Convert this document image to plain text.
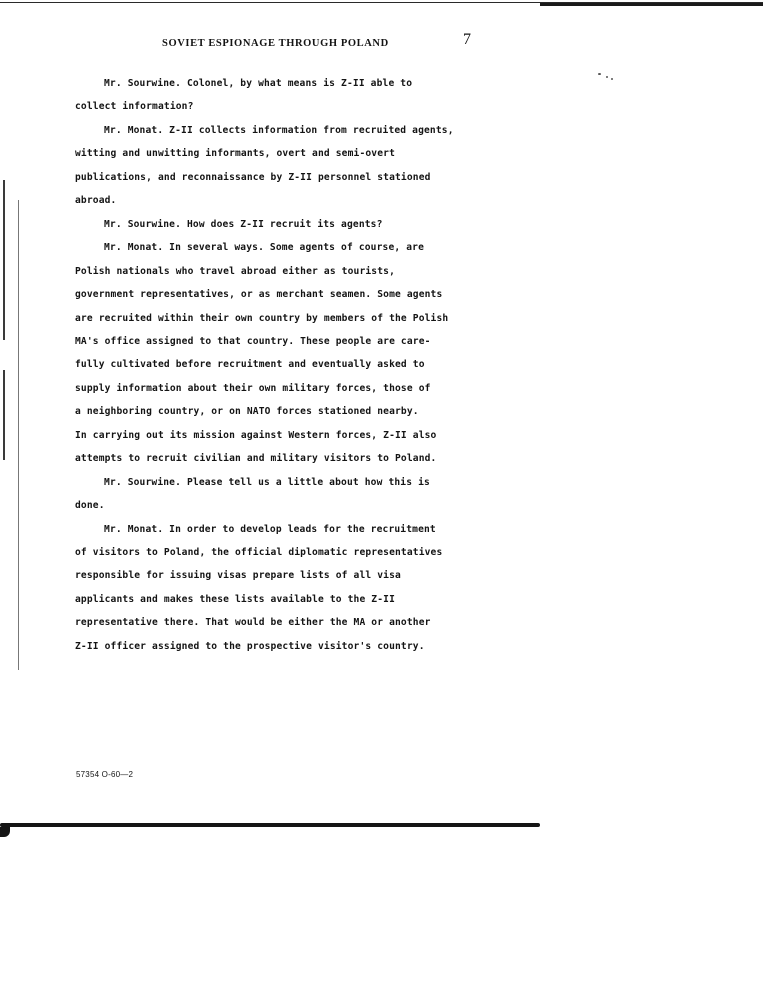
SOVIET ESPIONAGE THROUGH POLAND	7
Mr. Sourwine. Colonel, by what means is Z-II able to
collect information?
Mr. Monat. Z-II collects information from recruited agents,
witting and unwitting informants, overt and semi-overt
publications, and reconnaissance by Z-II personnel stationed
abroad.
Mr. Sourwine. How does Z-II recruit its agents?
Mr. Monat. In several ways. Some agents of course, are
Polish nationals who travel abroad either as tourists,
government representatives, or as merchant seamen. Some agents
are recruited within their own country by members of the Polish
MA's office assigned to that country. These people are care-
fully cultivated before recruitment and eventually asked to
supply information about their own military forces, those of
a neighboring country, or on NATO forces stationed nearby.
In carrying out its mission against Western forces, Z-II also
attempts to recruit civilian and military visitors to Poland.
Mr. Sourwine. Please tell us a little about how this is
done.
Mr. Monat. In order to develop leads for the recruitment
of visitors to Poland, the official diplomatic representatives
responsible for issuing visas prepare lists of all visa
applicants and makes these lists available to the Z-II
representative there. That would be either the MA or another
Z-II officer assigned to the prospective visitor's country.
57354 O-60—2
